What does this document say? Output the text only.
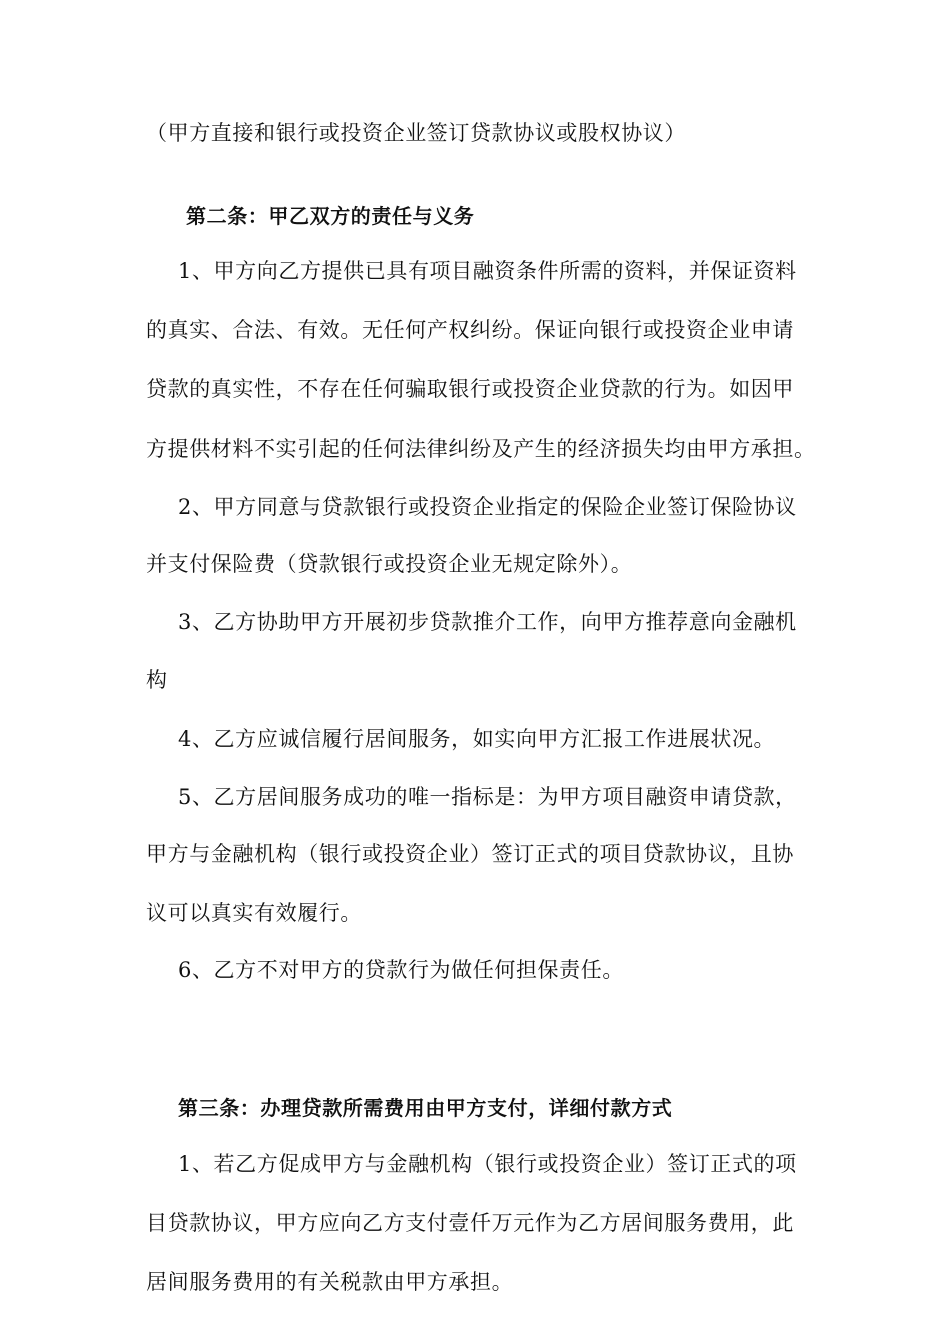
（甲方直接和银行或投资企业签订贷款协议或股权协议）
第二条：甲乙双方的责任与义务
1、甲方向乙方提供已具有项目融资条件所需的资料，并保证资料
的真实、合法、有效。无任何产权纠纷。保证向银行或投资企业申请
贷款的真实性，不存在任何骗取银行或投资企业贷款的行为。如因甲
方提供材料不实引起的任何法律纠纷及产生的经济损失均由甲方承担。
2、甲方同意与贷款银行或投资企业指定的保险企业签订保险协议
并支付保险费（贷款银行或投资企业无规定除外）。
3、乙方协助甲方开展初步贷款推介工作，向甲方推荐意向金融机
构
4、乙方应诚信履行居间服务，如实向甲方汇报工作进展状况。
5、乙方居间服务成功的唯一指标是：为甲方项目融资申请贷款，
甲方与金融机构（银行或投资企业）签订正式的项目贷款协议，且协
议可以真实有效履行。
6、乙方不对甲方的贷款行为做任何担保责任。
第三条：办理贷款所需费用由甲方支付，详细付款方式
1、若乙方促成甲方与金融机构（银行或投资企业）签订正式的项
目贷款协议，甲方应向乙方支付壹仟万元作为乙方居间服务费用，此
居间服务费用的有关税款由甲方承担。
